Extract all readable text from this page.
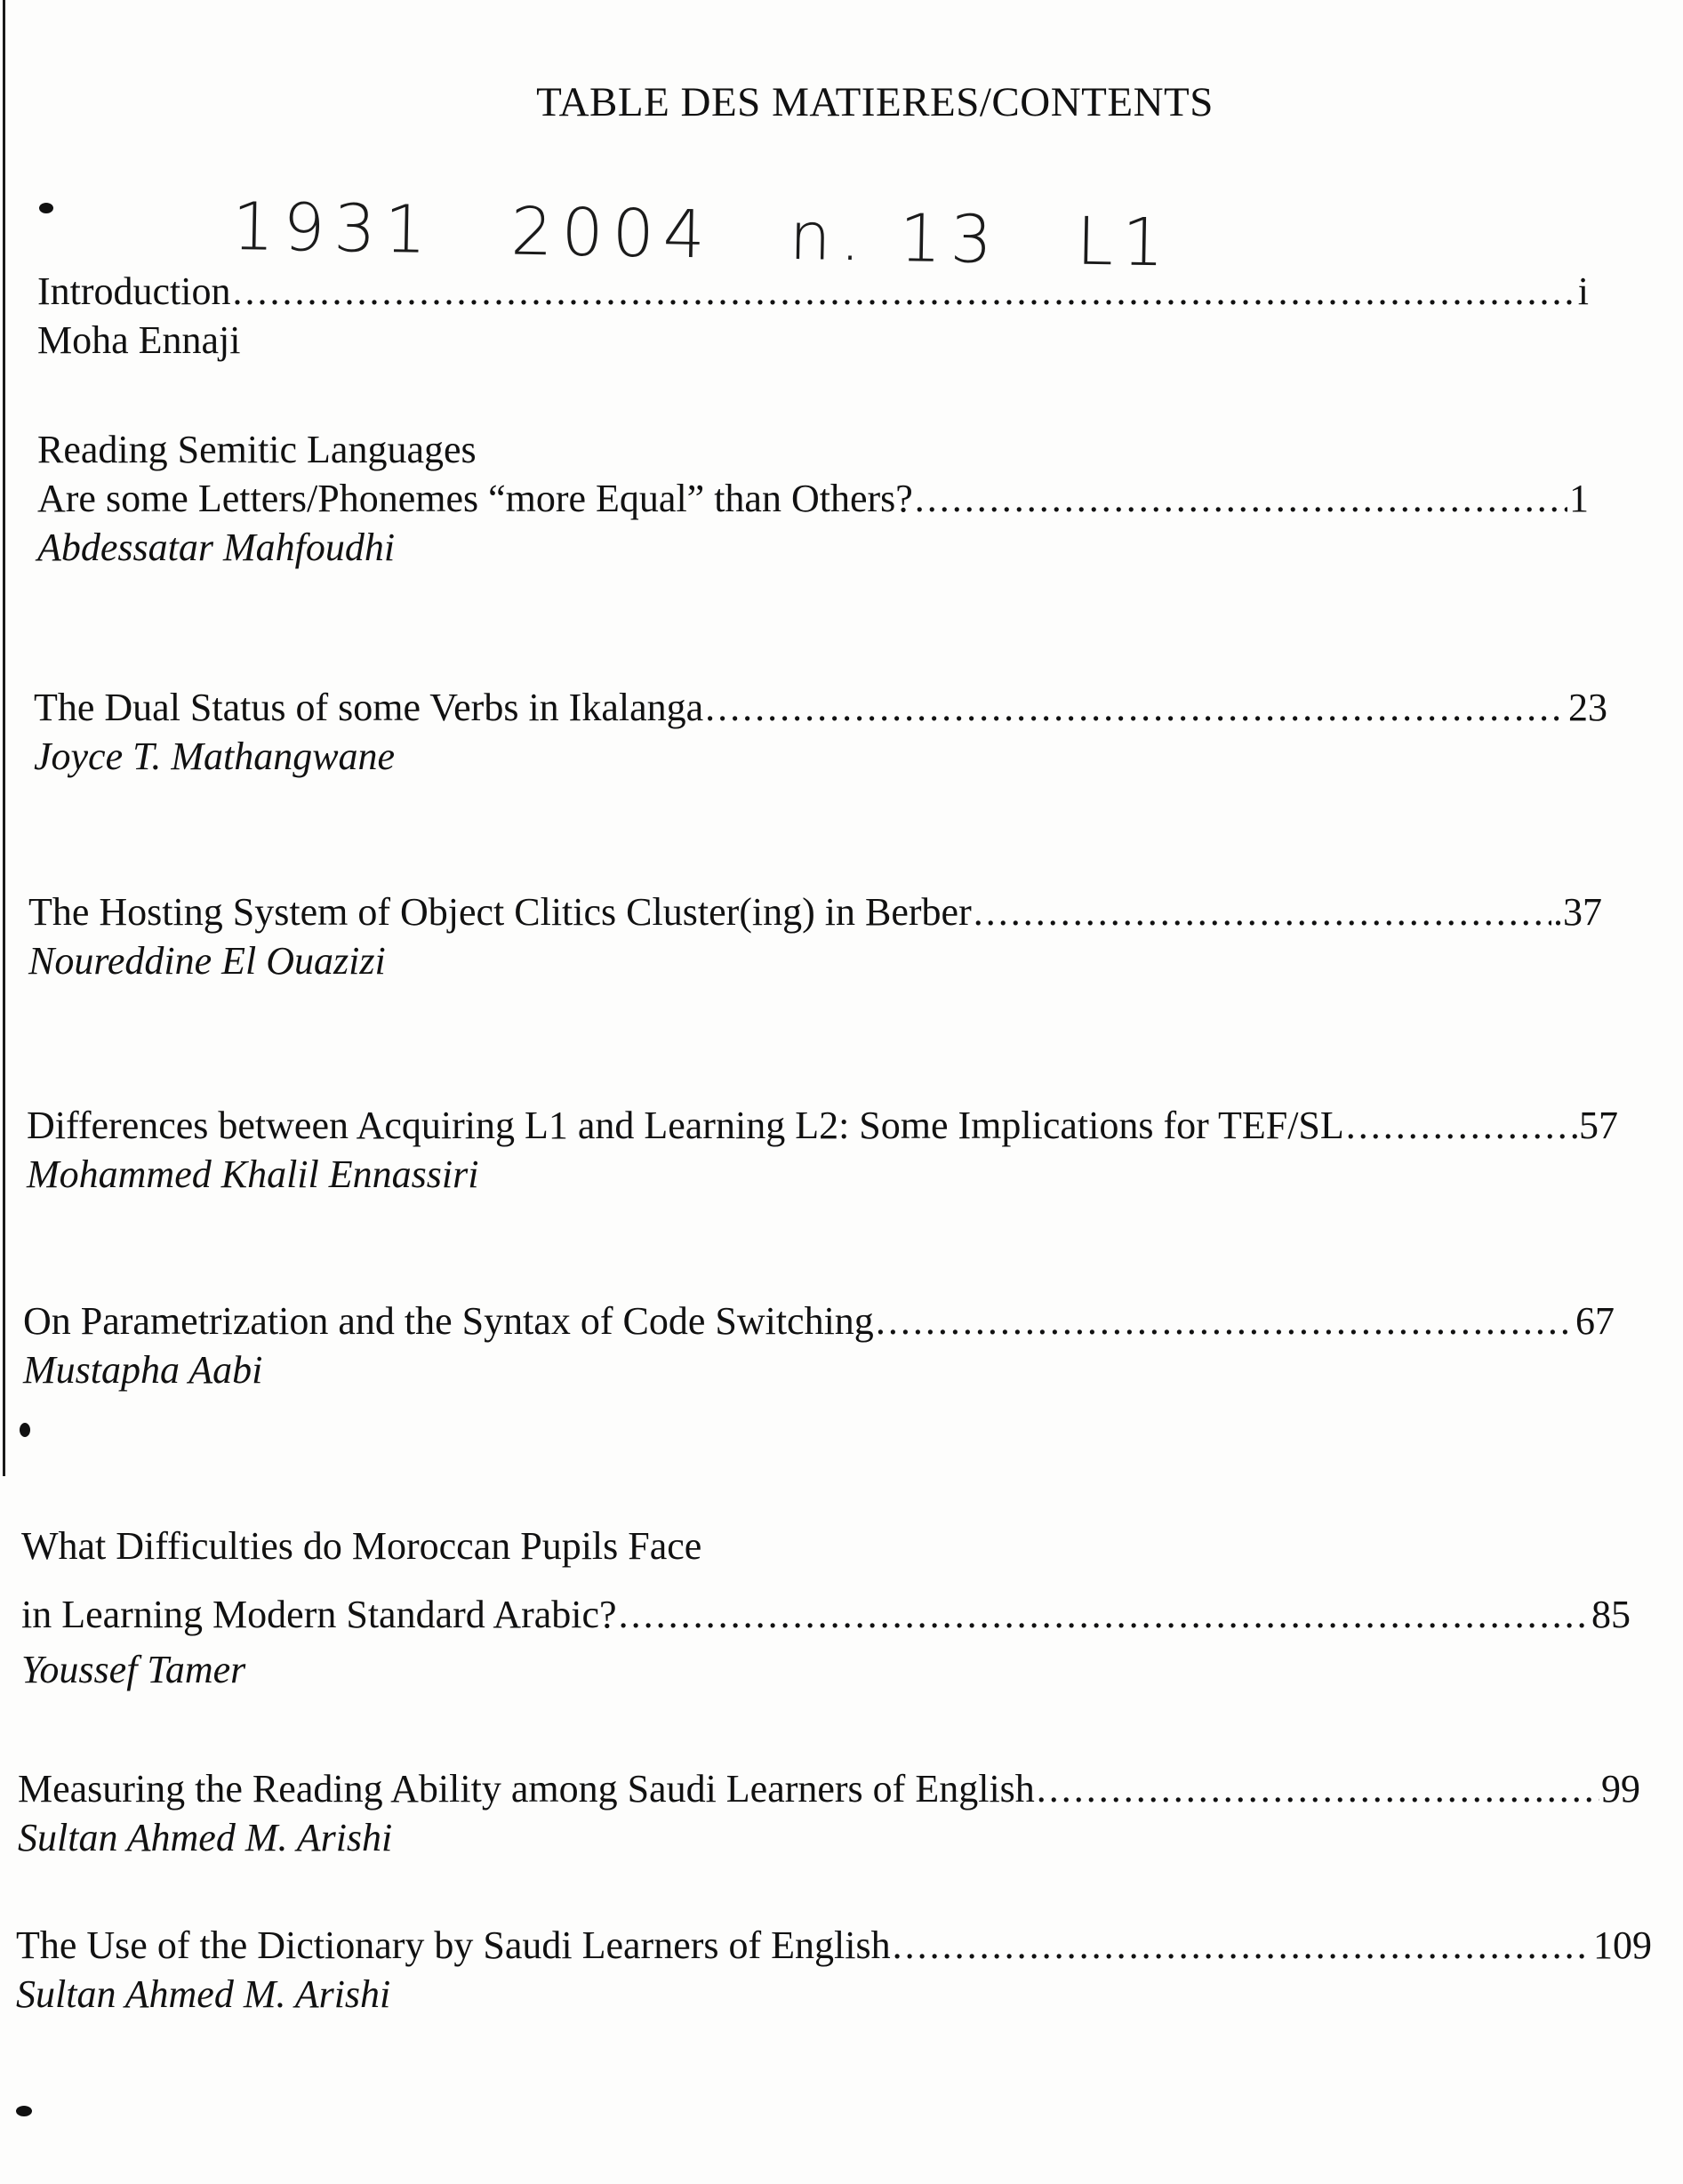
TABLE DES MATIERES/CONTENTS
1931 2004 n. 13 L1
Introduction .....	i
Moha Ennaji
Reading Semitic Languages
Are some Letters/Phonemes “more Equal” than Others? .....	1
Abdessatar Mahfoudhi
The Dual Status of some Verbs in Ikalanga .....	23
Joyce T. Mathangwane
The Hosting System of Object Clitics Cluster(ing) in Berber .....	.37
Noureddine El Ouazizi
Differences between Acquiring L1 and Learning L2: Some Implications for TEF/SL .....	57
Mohammed Khalil Ennassiri
On Parametrization and the Syntax of Code Switching .....	67
Mustapha Aabi
What Difficulties do Moroccan Pupils Face
in Learning Modern Standard Arabic? .....	85
Youssef Tamer
Measuring the Reading Ability among Saudi Learners of English .....	99
Sultan Ahmed M. Arishi
The Use of the Dictionary by Saudi Learners of English .....	109
Sultan Ahmed M. Arishi
